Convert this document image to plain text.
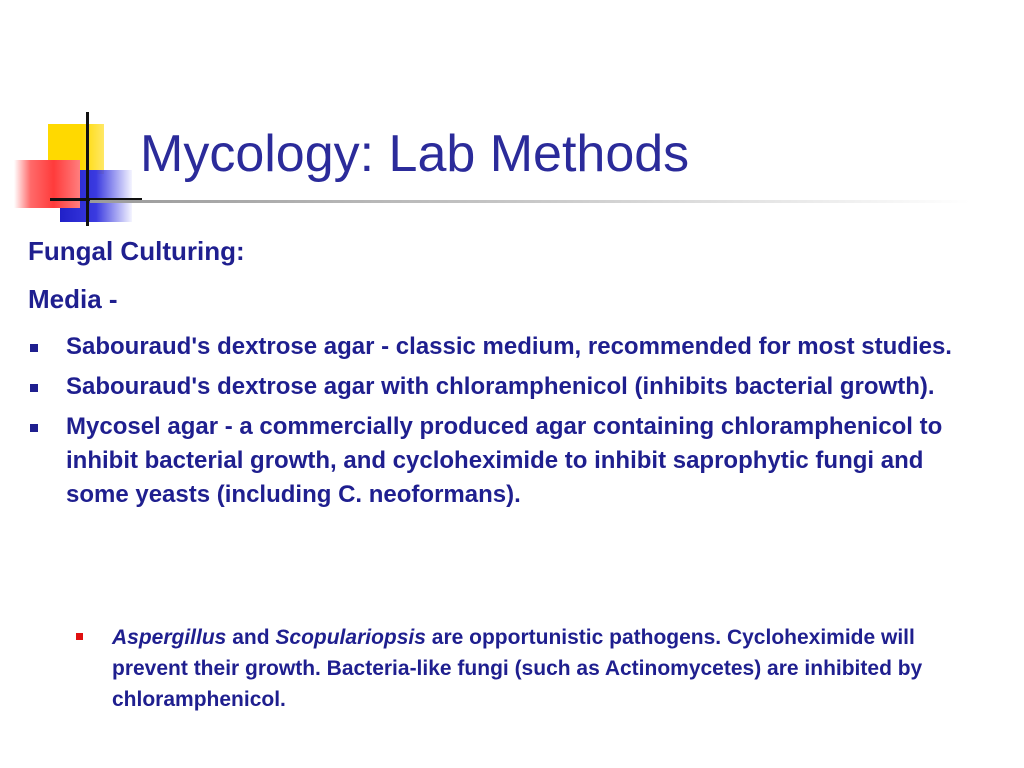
Mycology: Lab Methods

Fungal Culturing:

Media -

Sabouraud's dextrose agar - classic medium, recommended for most studies.
Sabouraud's dextrose agar with chloramphenicol (inhibits bacterial growth).
Mycosel agar - a commercially produced agar containing chloramphenicol to inhibit bacterial growth, and cycloheximide to inhibit saprophytic fungi and some yeasts (including C. neoformans).
Aspergillus and Scopulariopsis are opportunistic pathogens. Cycloheximide will prevent their growth. Bacteria-like fungi (such as Actinomycetes) are inhibited by chloramphenicol.
